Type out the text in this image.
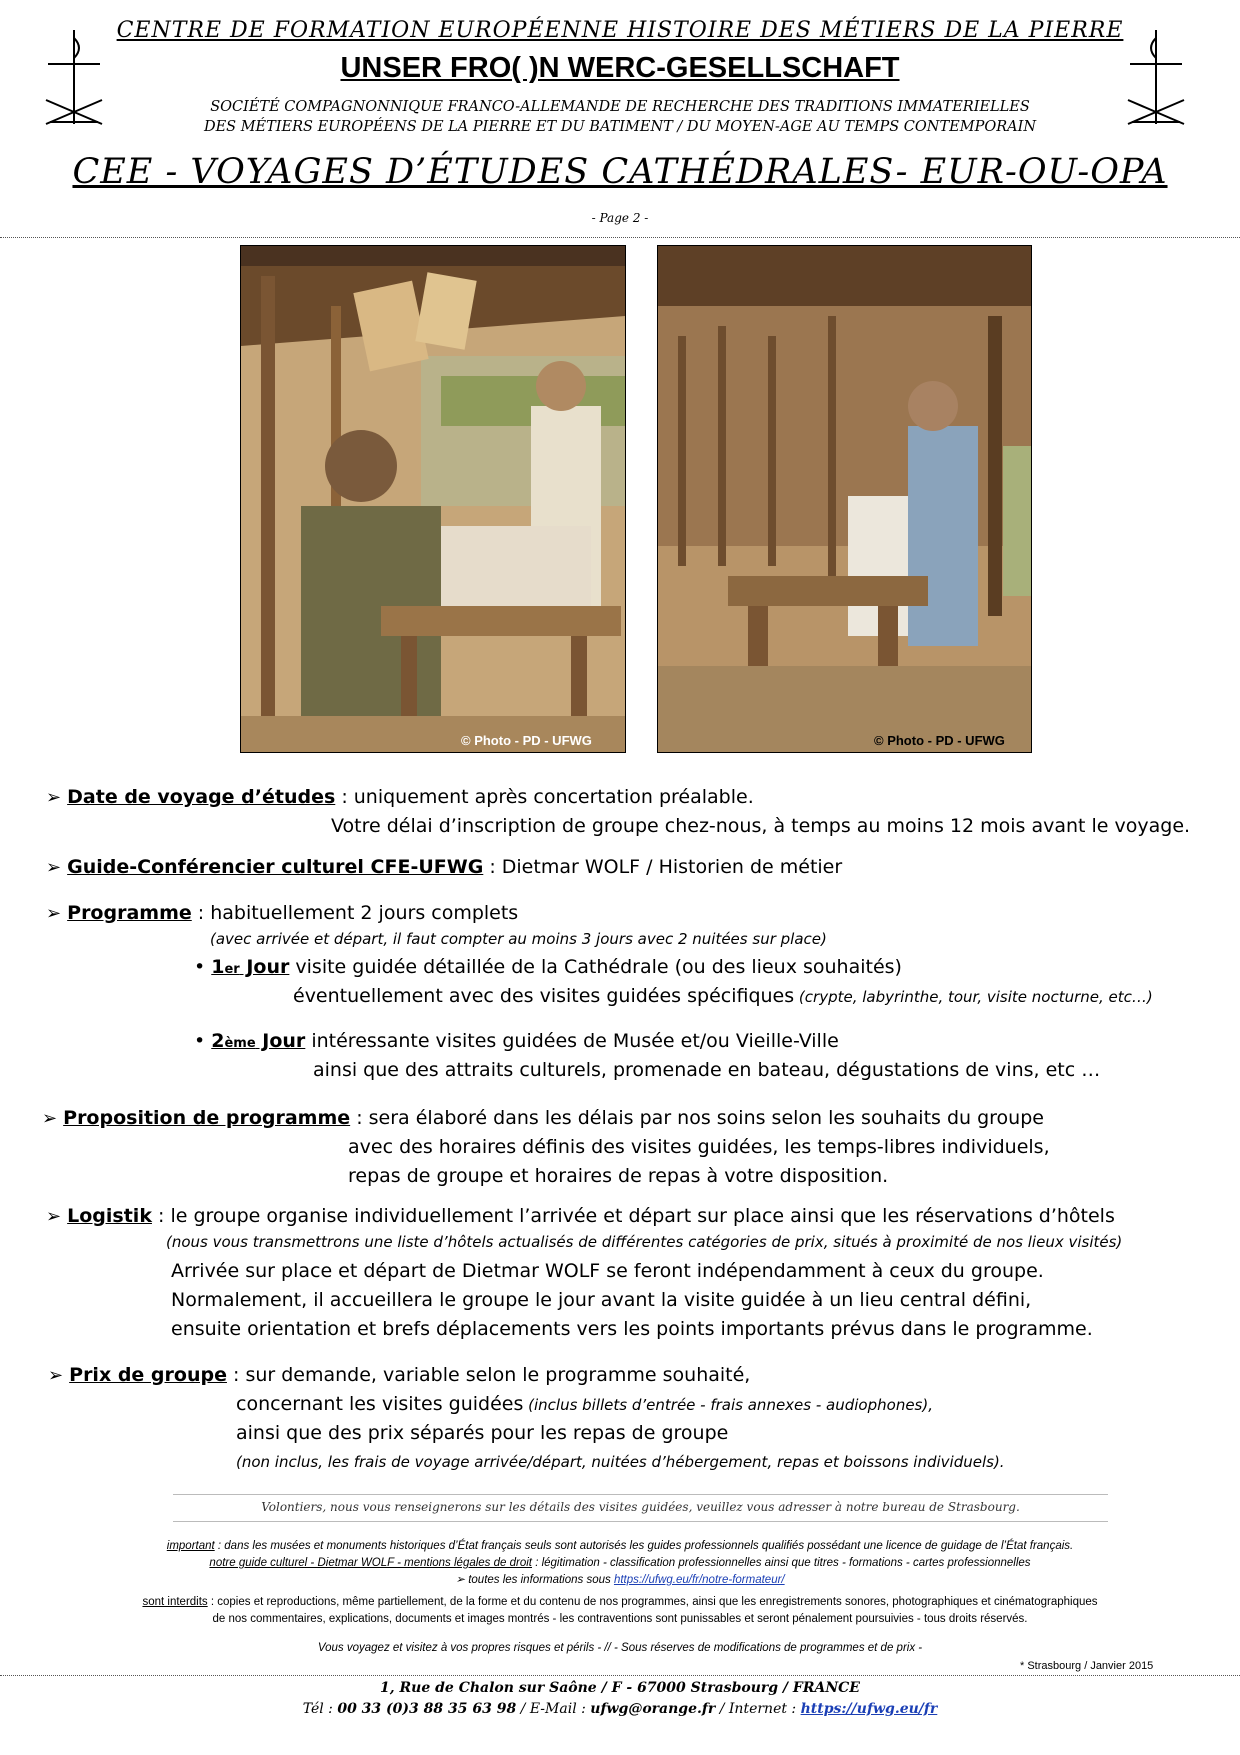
CENTRE DE FORMATION EUROPÉENNE HISTOIRE DES MÉTIERS DE LA PIERRE
UNSER FRO( )N WERC-GESELLSCHAFT
SOCIÉTÉ COMPAGNONNIQUE FRANCO-ALLEMANDE DE RECHERCHE DES TRADITIONS IMMATERIELLES
DES MÉTIERS EUROPÉENS DE LA PIERRE ET DU BATIMENT / DU MOYEN-AGE AU TEMPS CONTEMPORAIN
CEE - VOYAGES D’ÉTUDES CATHÉDRALES- EUR-OU-OPA
- Page 2 -
© Photo - PD - UFWG	© Photo - PD - UFWG
➢ Date de voyage d’études : uniquement après concertation préalable.
Votre délai d’inscription de groupe chez-nous, à temps au moins 12 mois avant le voyage.
➢ Guide-Conférencier culturel CFE-UFWG : Dietmar WOLF / Historien de métier
➢ Programme : habituellement 2 jours complets
(avec arrivée et départ, il faut compter au moins 3 jours avec 2 nuitées sur place)
• 1er Jour visite guidée détaillée de la Cathédrale (ou des lieux souhaités)
éventuellement avec des visites guidées spécifiques (crypte, labyrinthe, tour, visite nocturne, etc…)
• 2ème Jour intéressante visites guidées de Musée et/ou Vieille-Ville
ainsi que des attraits culturels, promenade en bateau, dégustations de vins, etc …
➢ Proposition de programme : sera élaboré dans les délais par nos soins selon les souhaits du groupe
avec des horaires définis des visites guidées, les temps-libres individuels,
repas de groupe et horaires de repas à votre disposition.
➢ Logistik : le groupe organise individuellement l’arrivée et départ sur place ainsi que les réservations d’hôtels
(nous vous transmettrons une liste d’hôtels actualisés de différentes catégories de prix, situés à proximité de nos lieux visités)
Arrivée sur place et départ de Dietmar WOLF se feront indépendamment à ceux du groupe.
Normalement, il accueillera le groupe le jour avant la visite guidée à un lieu central défini,
ensuite orientation et brefs déplacements vers les points importants prévus dans le programme.
➢ Prix de groupe : sur demande, variable selon le programme souhaité,
concernant les visites guidées (inclus billets d’entrée - frais annexes - audiophones),
ainsi que des prix séparés pour les repas de groupe
(non inclus, les frais de voyage arrivée/départ, nuitées d’hébergement, repas et boissons individuels).
Volontiers, nous vous renseignerons sur les détails des visites guidées, veuillez vous adresser à notre bureau de Strasbourg.
important : dans les musées et monuments historiques d’État français seuls sont autorisés les guides professionnels qualifiés possédant une licence de guidage de l’État français.
notre guide culturel - Dietmar WOLF - mentions légales de droit : légitimation - classification professionnelles ainsi que titres - formations - cartes professionnelles
➢ toutes les informations sous https://ufwg.eu/fr/notre-formateur/
sont interdits : copies et reproductions, même partiellement, de la forme et du contenu de nos programmes, ainsi que les enregistrements sonores, photographiques et cinématographiques
de nos commentaires, explications, documents et images montrés - les contraventions sont punissables et seront pénalement poursuivies - tous droits réservés.
Vous voyagez et visitez à vos propres risques et périls - // - Sous réserves de modifications de programmes et de prix -
* Strasbourg / Janvier 2015
1, Rue de Chalon sur Saône / F - 67000 Strasbourg / FRANCE
Tél : 00 33 (0)3 88 35 63 98 / E-Mail : ufwg@orange.fr / Internet : https://ufwg.eu/fr
